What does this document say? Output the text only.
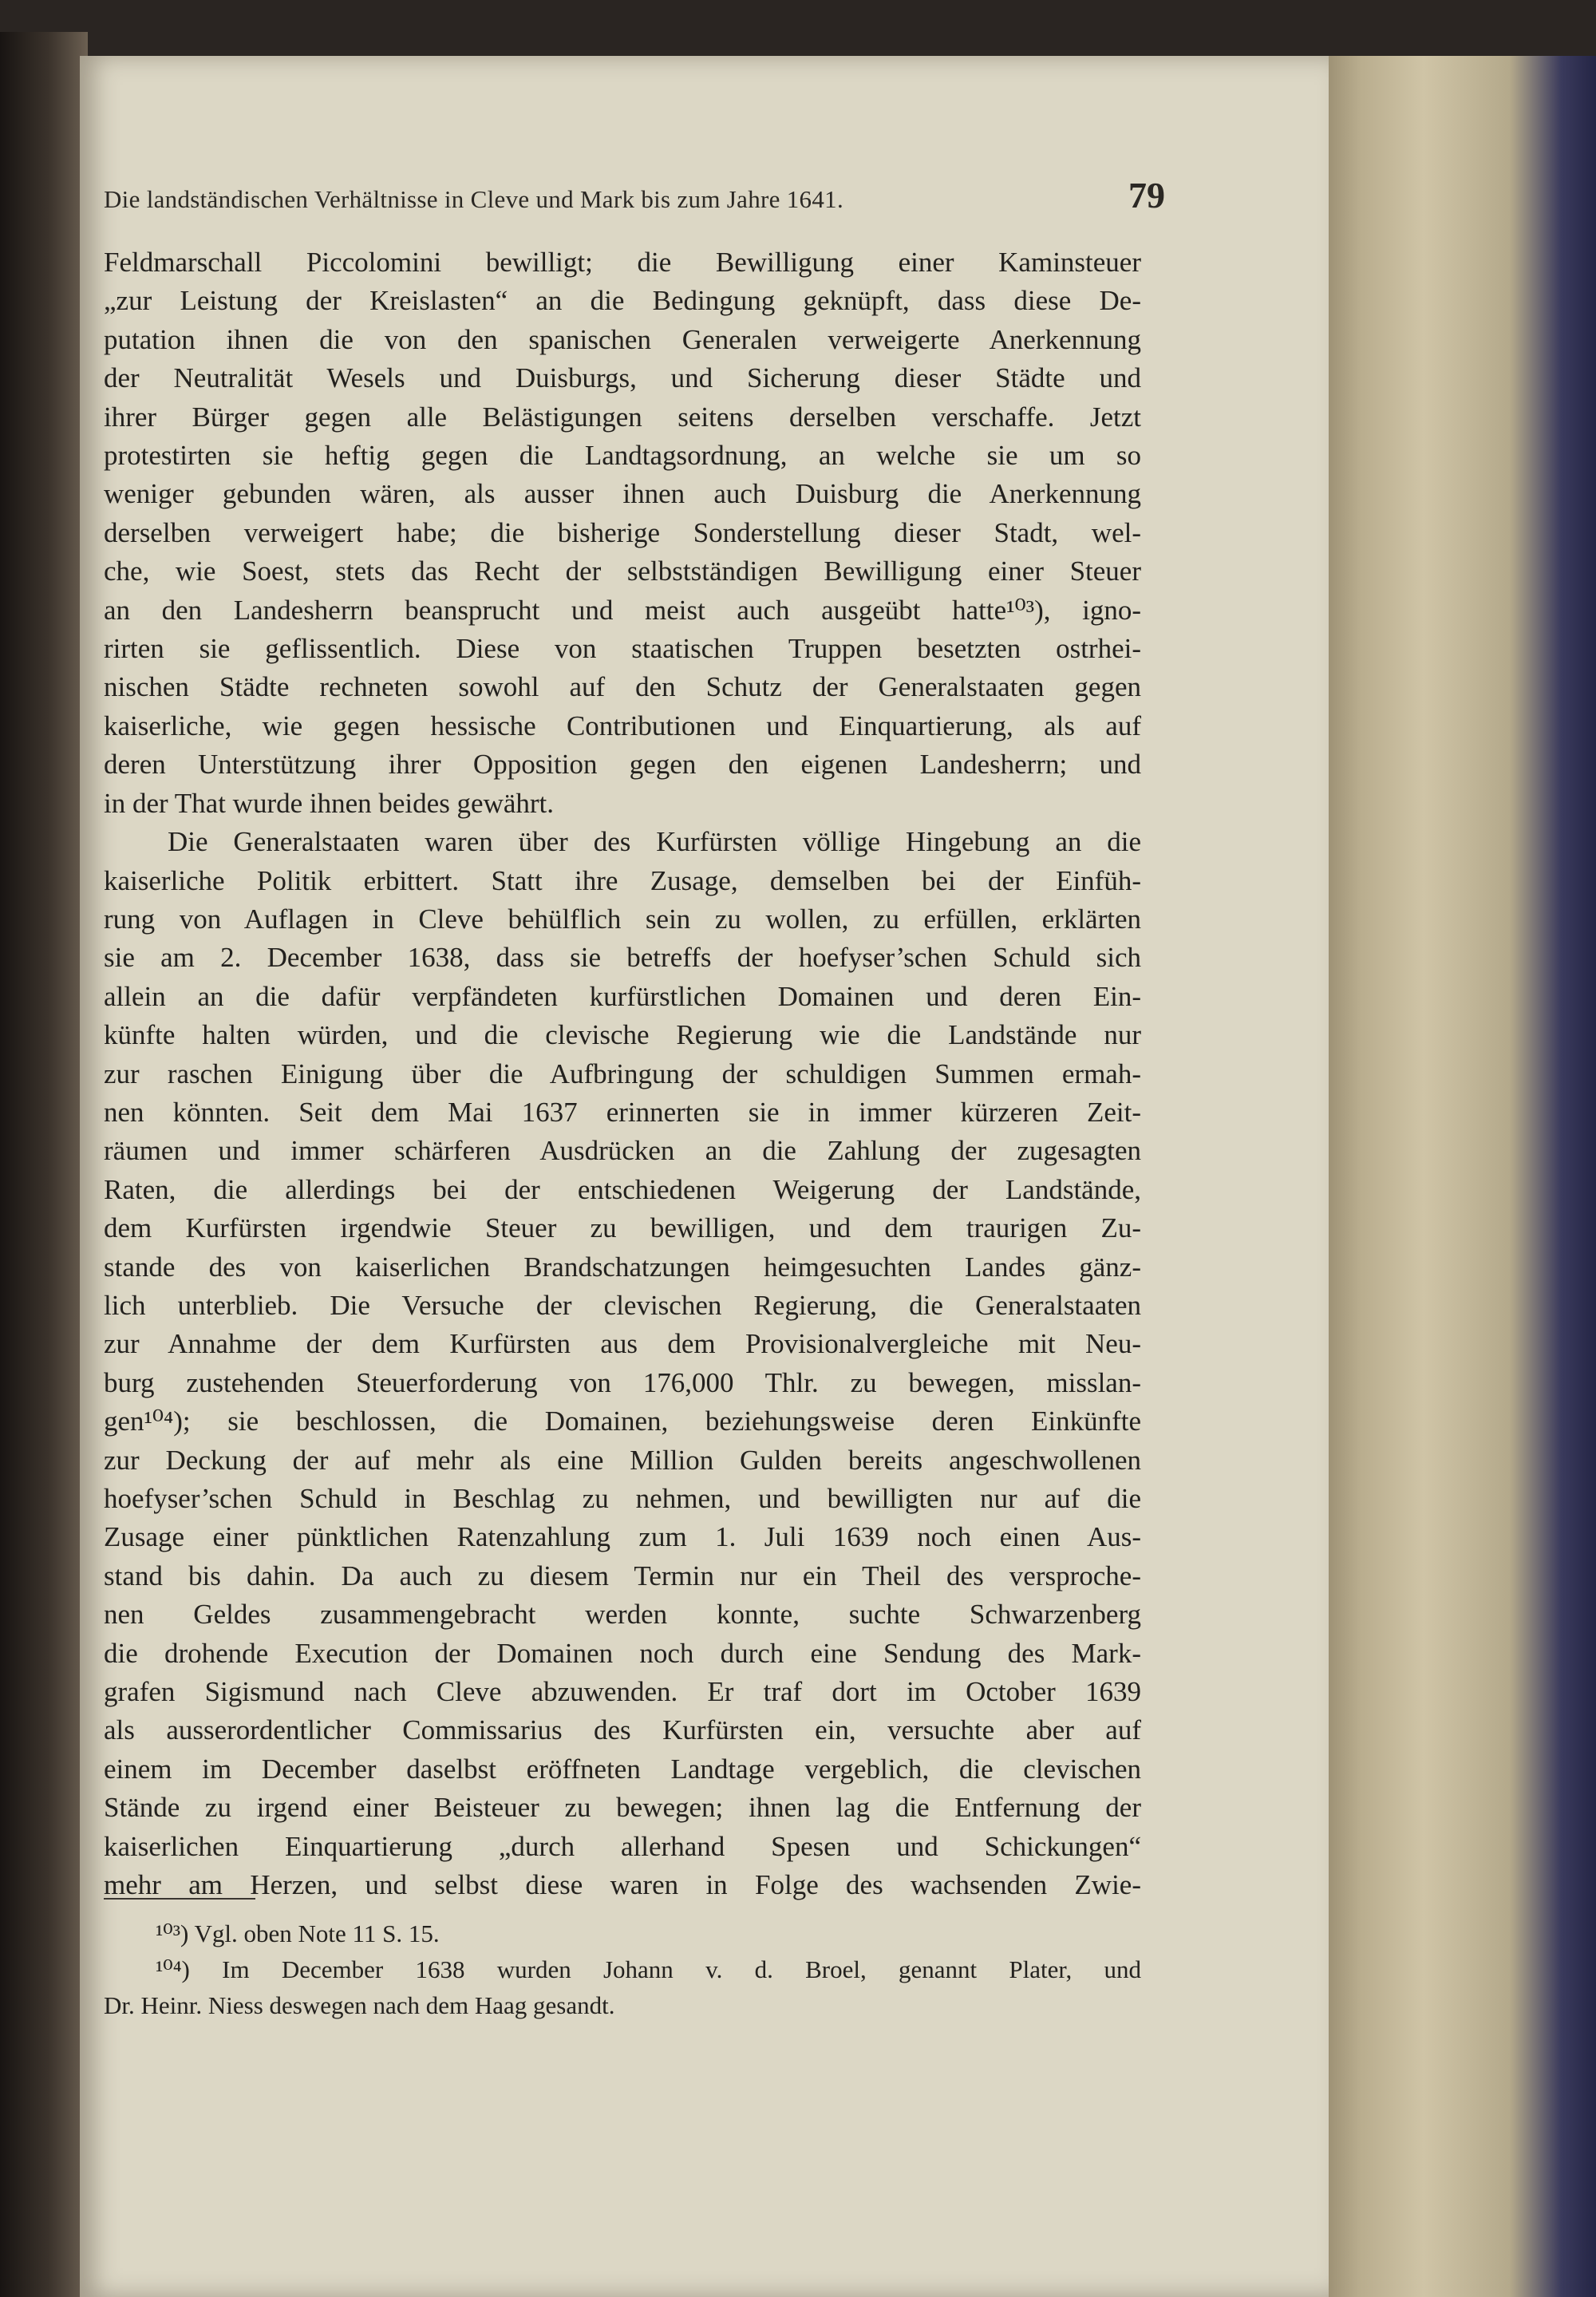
Die landständischen Verhältnisse in Cleve und Mark bis zum Jahre 1641.	79
Feldmarschall Piccolomini bewilligt; die Bewilligung einer Kaminsteuer
„zur Leistung der Kreislasten“ an die Bedingung geknüpft, dass diese De-
putation ihnen die von den spanischen Generalen verweigerte Anerkennung
der Neutralität Wesels und Duisburgs, und Sicherung dieser Städte und
ihrer Bürger gegen alle Belästigungen seitens derselben verschaffe. Jetzt
protestirten sie heftig gegen die Landtagsordnung, an welche sie um so
weniger gebunden wären, als ausser ihnen auch Duisburg die Anerkennung
derselben verweigert habe; die bisherige Sonderstellung dieser Stadt, wel-
che, wie Soest, stets das Recht der selbstständigen Bewilligung einer Steuer
an den Landesherrn beansprucht und meist auch ausgeübt hatte¹⁰³), igno-
rirten sie geflissentlich. Diese von staatischen Truppen besetzten ostrhei-
nischen Städte rechneten sowohl auf den Schutz der Generalstaaten gegen
kaiserliche, wie gegen hessische Contributionen und Einquartierung, als auf
deren Unterstützung ihrer Opposition gegen den eigenen Landesherrn; und
in der That wurde ihnen beides gewährt.
Die Generalstaaten waren über des Kurfürsten völlige Hingebung an die
kaiserliche Politik erbittert. Statt ihre Zusage, demselben bei der Einfüh-
rung von Auflagen in Cleve behülflich sein zu wollen, zu erfüllen, erklärten
sie am 2. December 1638, dass sie betreffs der hoefyser’schen Schuld sich
allein an die dafür verpfändeten kurfürstlichen Domainen und deren Ein-
künfte halten würden, und die clevische Regierung wie die Landstände nur
zur raschen Einigung über die Aufbringung der schuldigen Summen ermah-
nen könnten. Seit dem Mai 1637 erinnerten sie in immer kürzeren Zeit-
räumen und immer schärferen Ausdrücken an die Zahlung der zugesagten
Raten, die allerdings bei der entschiedenen Weigerung der Landstände,
dem Kurfürsten irgendwie Steuer zu bewilligen, und dem traurigen Zu-
stande des von kaiserlichen Brandschatzungen heimgesuchten Landes gänz-
lich unterblieb. Die Versuche der clevischen Regierung, die Generalstaaten
zur Annahme der dem Kurfürsten aus dem Provisionalvergleiche mit Neu-
burg zustehenden Steuerforderung von 176,000 Thlr. zu bewegen, misslan-
gen¹⁰⁴); sie beschlossen, die Domainen, beziehungsweise deren Einkünfte
zur Deckung der auf mehr als eine Million Gulden bereits angeschwollenen
hoefyser’schen Schuld in Beschlag zu nehmen, und bewilligten nur auf die
Zusage einer pünktlichen Ratenzahlung zum 1. Juli 1639 noch einen Aus-
stand bis dahin. Da auch zu diesem Termin nur ein Theil des versproche-
nen Geldes zusammengebracht werden konnte, suchte Schwarzenberg
die drohende Execution der Domainen noch durch eine Sendung des Mark-
grafen Sigismund nach Cleve abzuwenden. Er traf dort im October 1639
als ausserordentlicher Commissarius des Kurfürsten ein, versuchte aber auf
einem im December daselbst eröffneten Landtage vergeblich, die clevischen
Stände zu irgend einer Beisteuer zu bewegen; ihnen lag die Entfernung der
kaiserlichen Einquartierung „durch allerhand Spesen und Schickungen“
mehr am Herzen, und selbst diese waren in Folge des wachsenden Zwie-
¹⁰³) Vgl. oben Note 11 S. 15.
¹⁰⁴) Im December 1638 wurden Johann v. d. Broel, genannt Plater, und
Dr. Heinr. Niess deswegen nach dem Haag gesandt.
